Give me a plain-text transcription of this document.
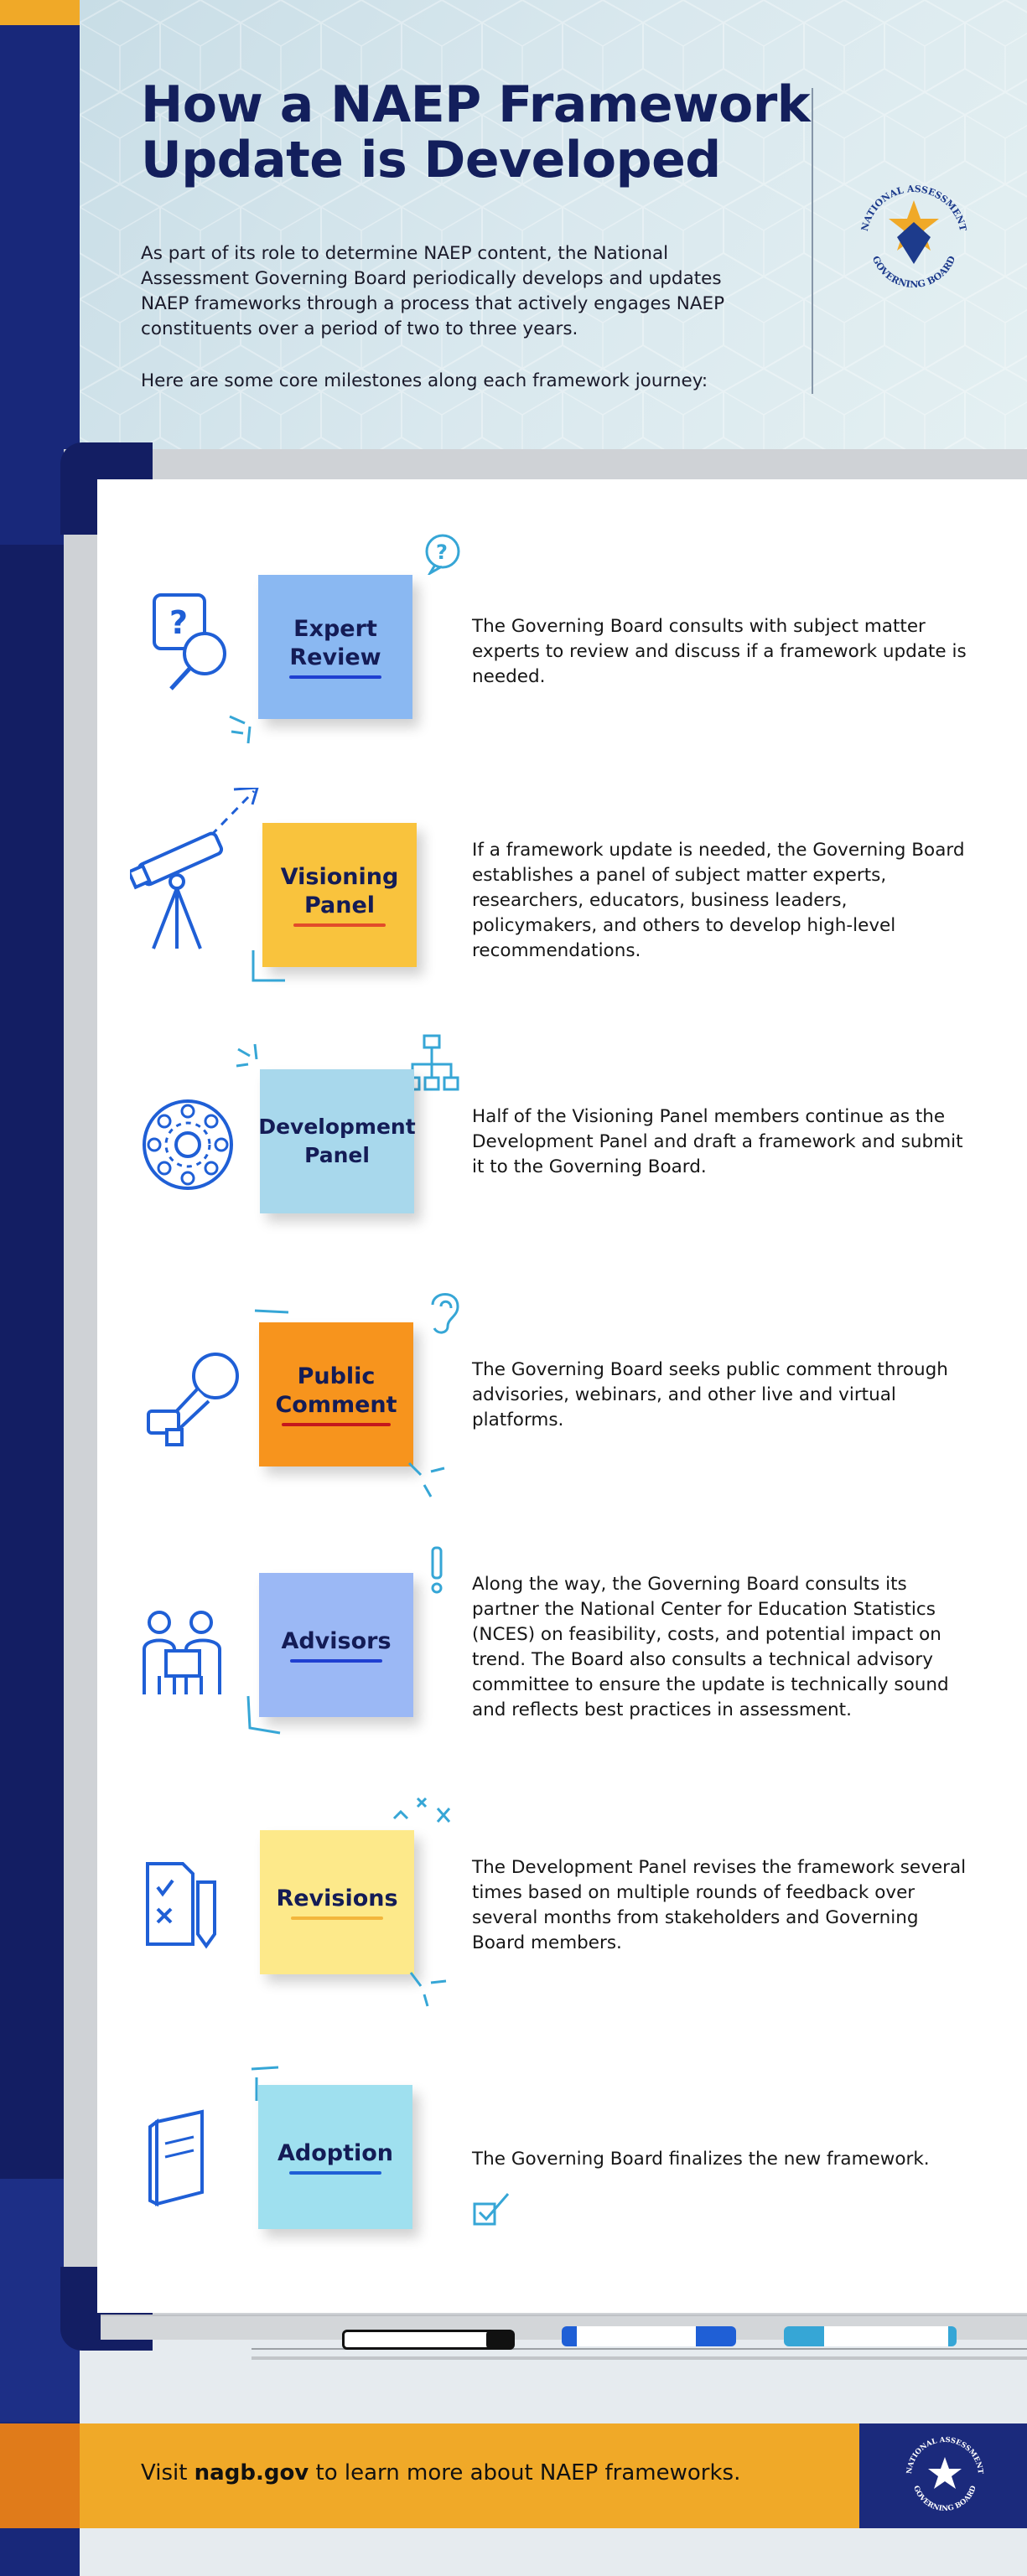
How a NAEP Framework
Update is Developed

As part of its role to determine NAEP content, the National Assessment Governing Board periodically develops and updates NAEP frameworks through a process that actively engages NAEP constituents over a period of two to three years.

Here are some core milestones along each framework journey:

NATIONAL ASSESSMENT
GOVERNING BOARD
?
?
Expert
Review

The Governing Board consults with subject matter experts to review and discuss if a framework update is needed.

Visioning
Panel

If a framework update is needed, the Governing Board establishes a panel of subject matter experts, researchers, educators, business leaders, policymakers, and others to develop high-level recommendations.

Development
Panel

Half of the Visioning Panel members continue as the Development Panel and draft a framework and submit it to the Governing Board.

Public
Comment

The Governing Board seeks public comment through advisories, webinars, and other live and virtual platforms.

Advisors

Along the way, the Governing Board consults its partner the National Center for Education Statistics (NCES) on feasibility, costs, and potential impact on trend. The Board also consults a technical advisory committee to ensure the update is technically sound and reflects best practices in assessment.

Revisions

The Development Panel revises the framework several times based on multiple rounds of feedback over several months from stakeholders and Governing Board members.

Adoption	The Governing Board finalizes the new framework.

Visit nagb.gov to learn more about NAEP frameworks.	NATIONAL ASSESSMENT
GOVERNING BOARD
